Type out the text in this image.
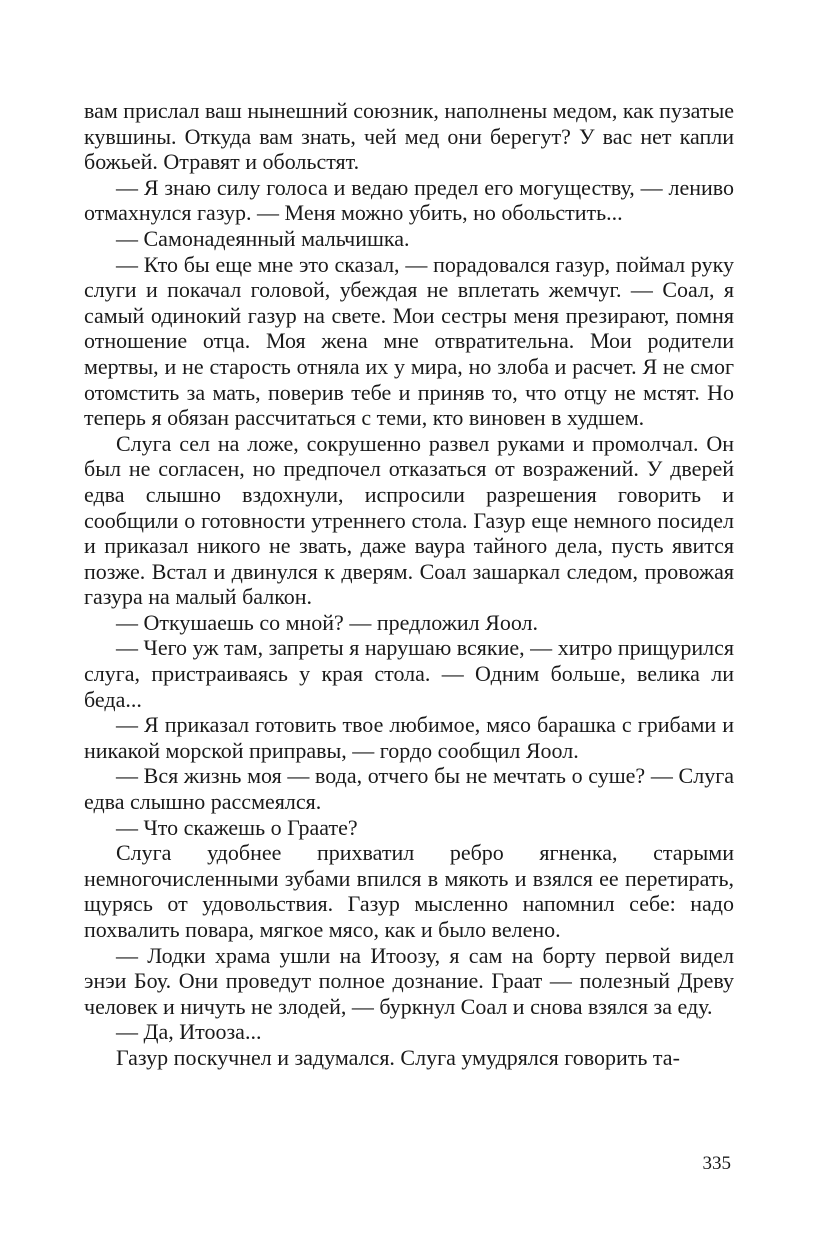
вам прислал ваш нынешний союзник, наполнены медом, как пузатые кувшины. Откуда вам знать, чей мед они берегут? У вас нет капли божьей. Отравят и обольстят.

— Я знаю силу голоса и ведаю предел его могуществу, — лениво отмахнулся газур. — Меня можно убить, но обольстить...

— Самонадеянный мальчишка.

— Кто бы еще мне это сказал, — порадовался газур, поймал руку слуги и покачал головой, убеждая не вплетать жемчуг. — Соал, я самый одинокий газур на свете. Мои сестры меня презирают, помня отношение отца. Моя жена мне отвратительна. Мои родители мертвы, и не старость отняла их у мира, но злоба и расчет. Я не смог отомстить за мать, поверив тебе и приняв то, что отцу не мстят. Но теперь я обязан рассчитаться с теми, кто виновен в худшем.

Слуга сел на ложе, сокрушенно развел руками и промолчал. Он был не согласен, но предпочел отказаться от возражений. У дверей едва слышно вздохнули, испросили разрешения говорить и сообщили о готовности утреннего стола. Газур еще немного посидел и приказал никого не звать, даже ваура тайного дела, пусть явится позже. Встал и двинулся к дверям. Соал зашаркал следом, провожая газура на малый балкон.

— Откушаешь со мной? — предложил Яоол.

— Чего уж там, запреты я нарушаю всякие, — хитро прищурился слуга, пристраиваясь у края стола. — Одним больше, велика ли беда...

— Я приказал готовить твое любимое, мясо барашка с грибами и никакой морской приправы, — гордо сообщил Яоол.

— Вся жизнь моя — вода, отчего бы не мечтать о суше? — Слуга едва слышно рассмеялся.

— Что скажешь о Граате?

Слуга удобнее прихватил ребро ягненка, старыми немногочисленными зубами впился в мякоть и взялся ее перетирать, щурясь от удовольствия. Газур мысленно напомнил себе: надо похвалить повара, мягкое мясо, как и было велено.

— Лодки храма ушли на Итоозу, я сам на борту первой видел энэи Боу. Они проведут полное дознание. Граат — полезный Древу человек и ничуть не злодей, — буркнул Соал и снова взялся за еду.

— Да, Итооза...

Газур поскучнел и задумался. Слуга умудрялся говорить та-

335
